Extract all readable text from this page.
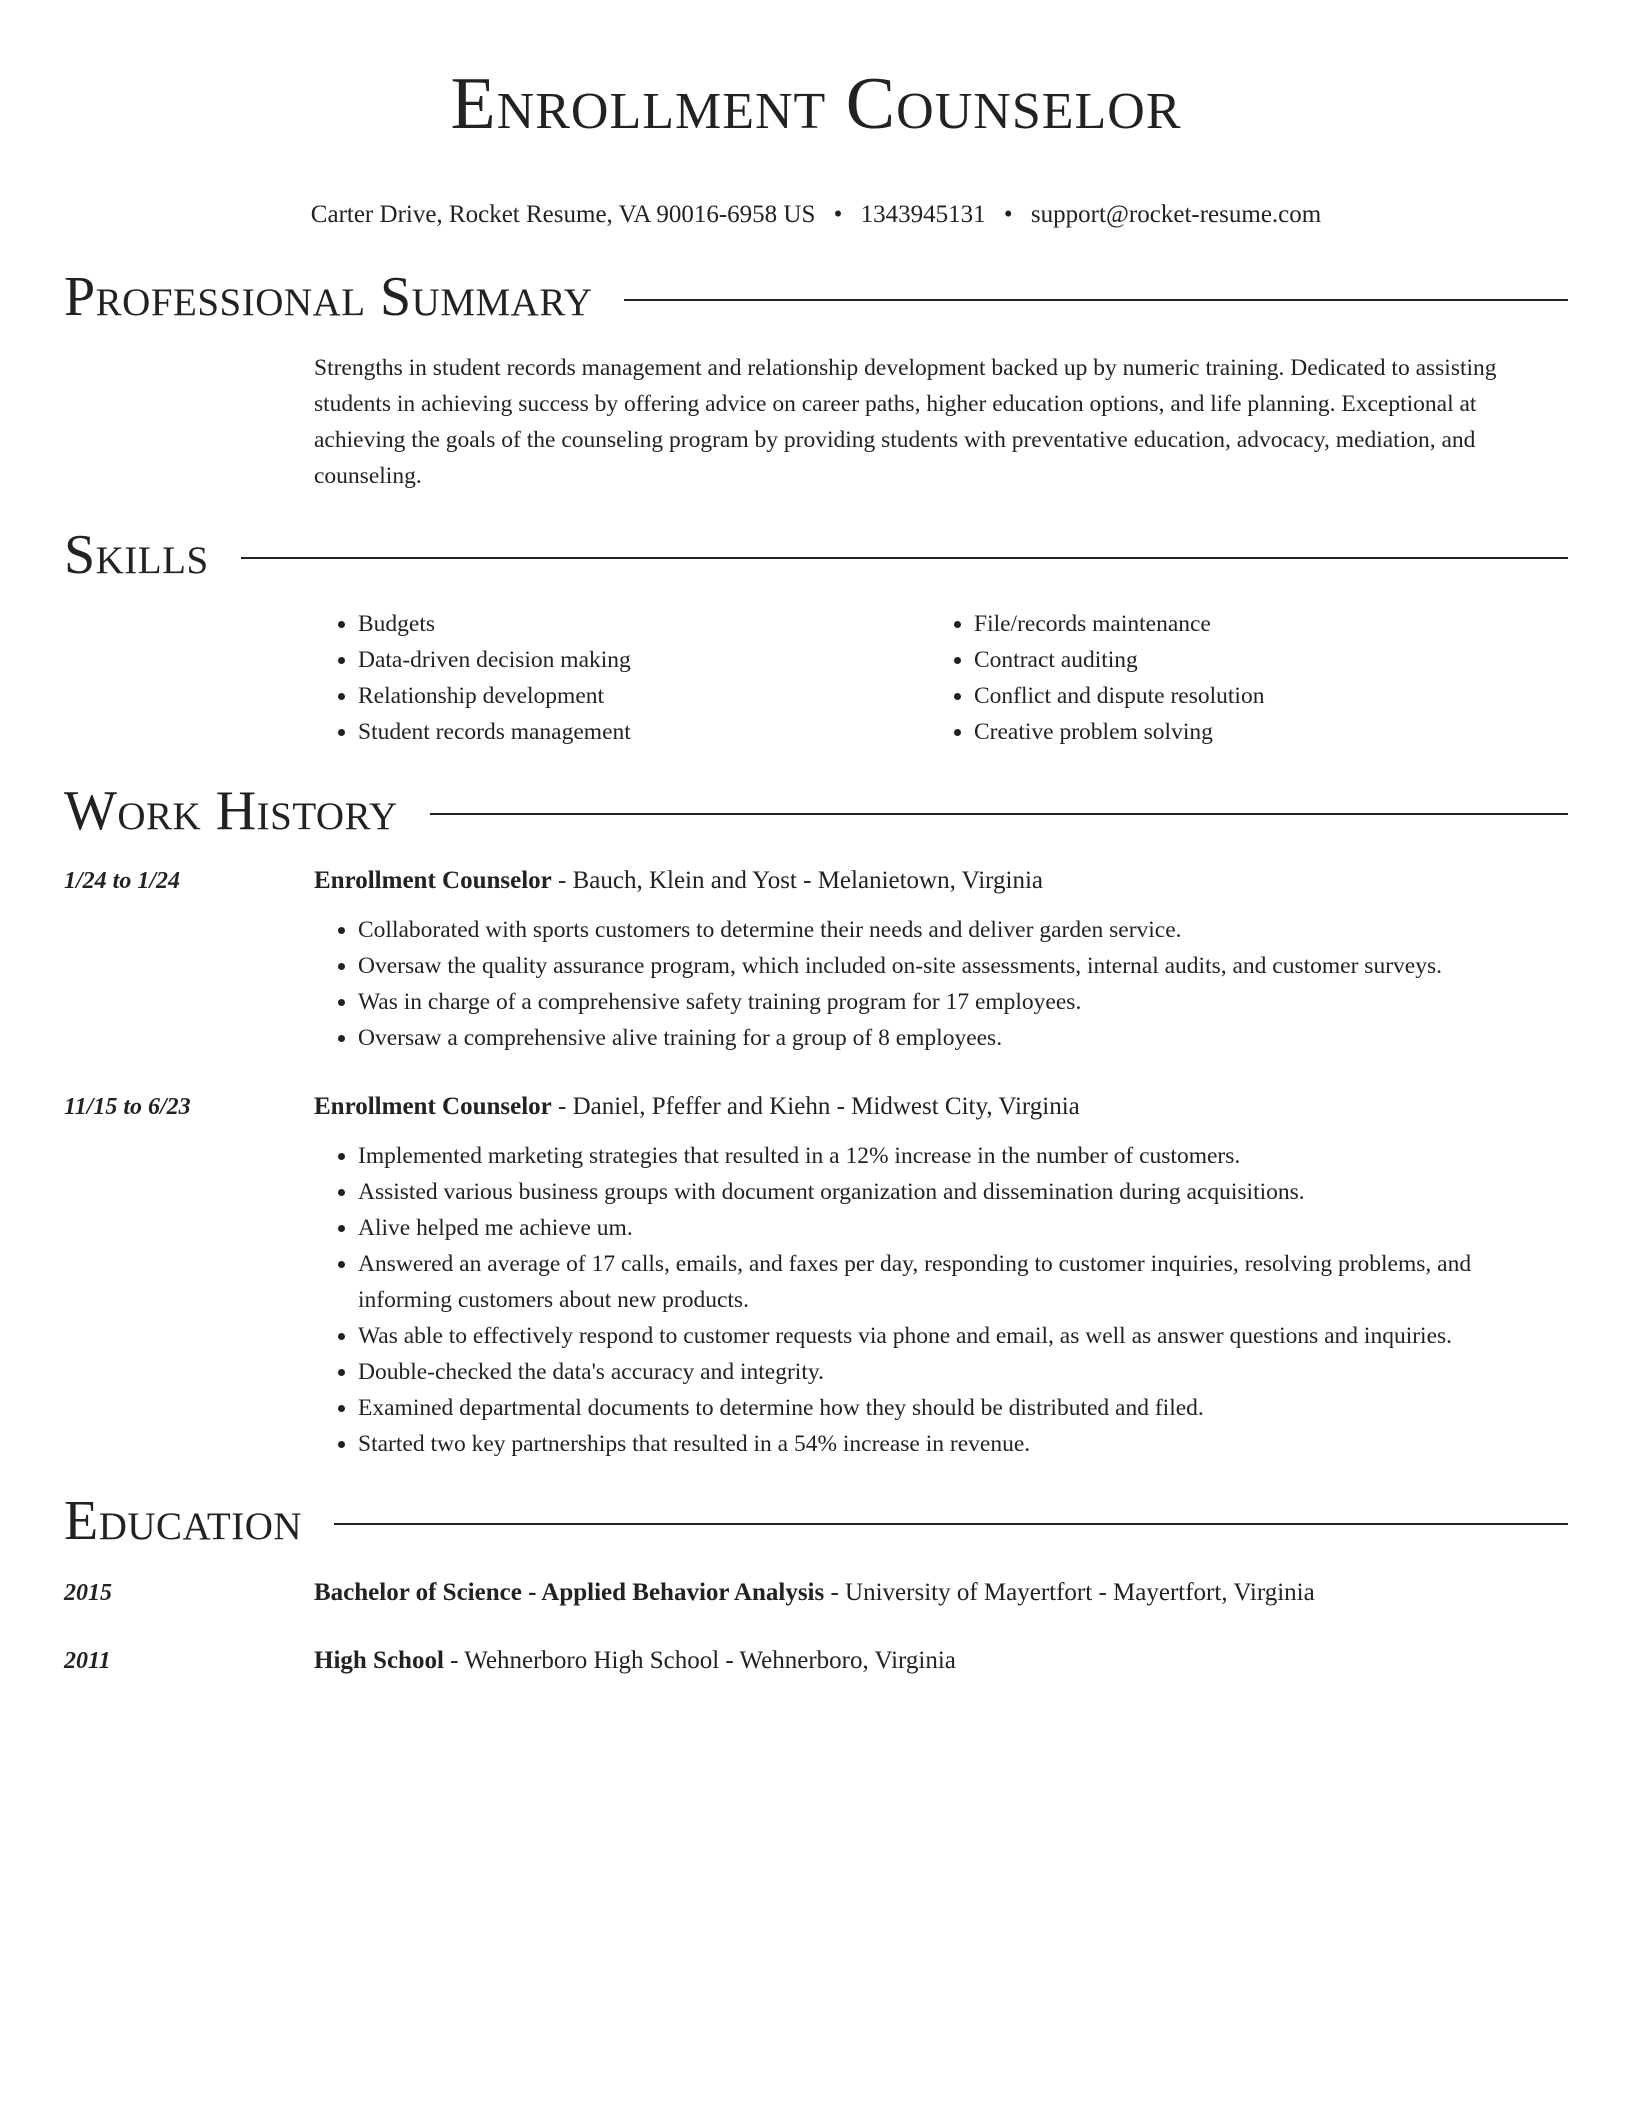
Enrollment Counselor
Carter Drive, Rocket Resume, VA 90016-6958 US • 1343945131 • support@rocket-resume.com
Professional Summary
Strengths in student records management and relationship development backed up by numeric training. Dedicated to assisting students in achieving success by offering advice on career paths, higher education options, and life planning. Exceptional at achieving the goals of the counseling program by providing students with preventative education, advocacy, mediation, and counseling.
Skills
• Budgets
• Data-driven decision making
• Relationship development
• Student records management
• File/records maintenance
• Contract auditing
• Conflict and dispute resolution
• Creative problem solving
Work History
1/24 to 1/24	Enrollment Counselor - Bauch, Klein and Yost - Melanietown, Virginia
• Collaborated with sports customers to determine their needs and deliver garden service.
• Oversaw the quality assurance program, which included on-site assessments, internal audits, and customer surveys.
• Was in charge of a comprehensive safety training program for 17 employees.
• Oversaw a comprehensive alive training for a group of 8 employees.
11/15 to 6/23	Enrollment Counselor - Daniel, Pfeffer and Kiehn - Midwest City, Virginia
• Implemented marketing strategies that resulted in a 12% increase in the number of customers.
• Assisted various business groups with document organization and dissemination during acquisitions.
• Alive helped me achieve um.
• Answered an average of 17 calls, emails, and faxes per day, responding to customer inquiries, resolving problems, and informing customers about new products.
• Was able to effectively respond to customer requests via phone and email, as well as answer questions and inquiries.
• Double-checked the data's accuracy and integrity.
• Examined departmental documents to determine how they should be distributed and filed.
• Started two key partnerships that resulted in a 54% increase in revenue.
Education
2015	Bachelor of Science - Applied Behavior Analysis - University of Mayertfort - Mayertfort, Virginia
2011	High School - Wehnerboro High School - Wehnerboro, Virginia
